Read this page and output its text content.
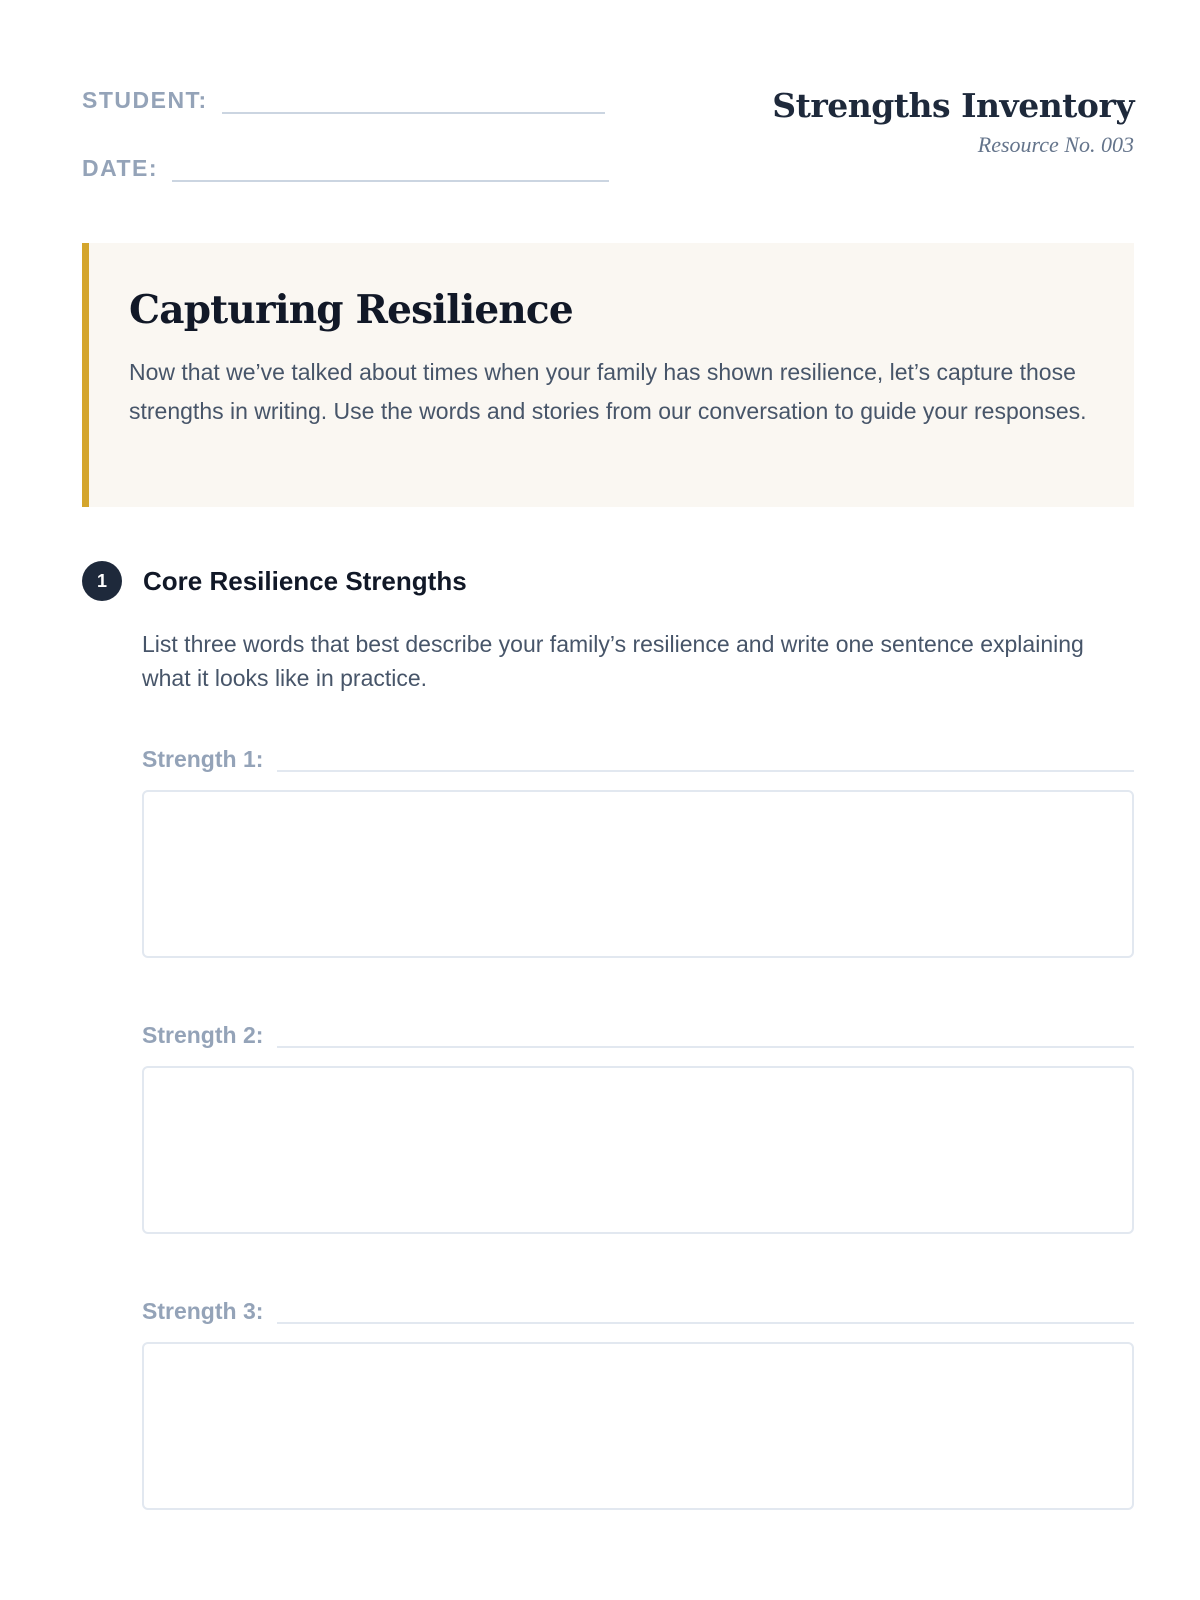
STUDENT:
DATE:
Strengths Inventory
Resource No. 003
Capturing Resilience
Now that we’ve talked about times when your family has shown resilience, let’s capture those strengths in writing. Use the words and stories from our conversation to guide your responses.
1	Core Resilience Strengths
List three words that best describe your family’s resilience and write one sentence explaining what it looks like in practice.
Strength 1:
Strength 2:
Strength 3:
